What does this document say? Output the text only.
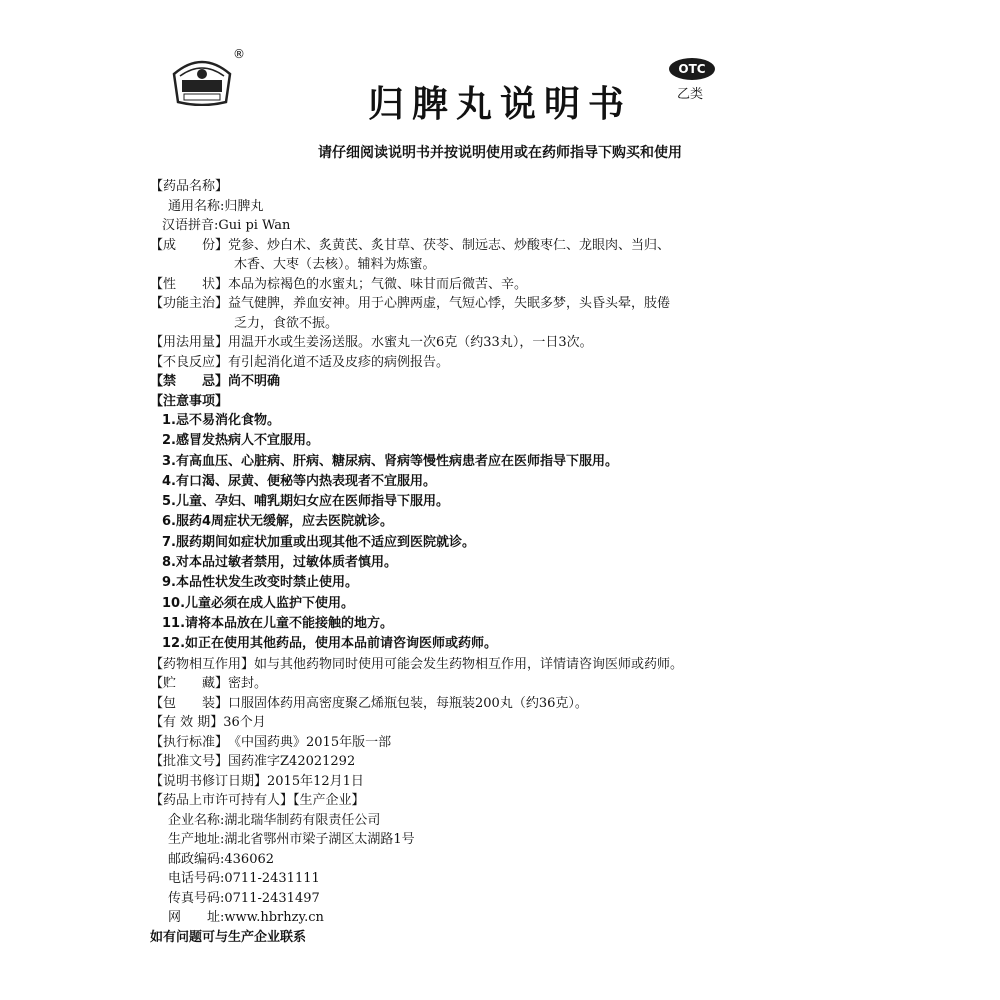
®
归脾丸说明书
OTC
乙类
请仔细阅读说明书并按说明使用或在药师指导下购买和使用
【药品名称】
通用名称: 归脾丸
汉语拼音: Gui pi Wan
【成　　份】 党参、炒白术、炙黄芪、炙甘草、茯苓、制远志、炒酸枣仁、龙眼肉、当归、
木香、大枣（去核）。辅料为炼蜜。
【性　　状】 本品为棕褐色的水蜜丸；气微、味甘而后微苦、辛。
【功能主治】 益气健脾，养血安神。用于心脾两虚，气短心悸，失眠多梦，头昏头晕，肢倦
乏力，食欲不振。
【用法用量】 用温开水或生姜汤送服。水蜜丸一次6克（约33丸），一日3次。
【不良反应】 有引起消化道不适及皮疹的病例报告。
【禁　　忌】 尚不明确
【注意事项】
1.忌不易消化食物。
2.感冒发热病人不宜服用。
3.有高血压、心脏病、肝病、糖尿病、肾病等慢性病患者应在医师指导下服用。
4.有口渴、尿黄、便秘等内热表现者不宜服用。
5.儿童、孕妇、哺乳期妇女应在医师指导下服用。
6.服药4周症状无缓解，应去医院就诊。
7.服药期间如症状加重或出现其他不适应到医院就诊。
8.对本品过敏者禁用，过敏体质者慎用。
9.本品性状发生改变时禁止使用。
10.儿童必须在成人监护下使用。
11.请将本品放在儿童不能接触的地方。
12.如正在使用其他药品，使用本品前请咨询医师或药师。
【药物相互作用】 如与其他药物同时使用可能会发生药物相互作用，详情请咨询医师或药师。
【贮　　藏】 密封。
【包　　装】 口服固体药用高密度聚乙烯瓶包装，每瓶装200丸（约36克）。
【有 效 期】 36个月
【执行标准】 《中国药典》2015年版一部
【批准文号】 国药准字Z42021292
【说明书修订日期】 2015年12月1日
【药品上市许可持有人】【生产企业】
企业名称: 湖北瑞华制药有限责任公司
生产地址: 湖北省鄂州市梁子湖区太湖路1号
邮政编码: 436062
电话号码: 0711-2431111
传真号码: 0711-2431497
网　　址: www.hbrhzy.cn
如有问题可与生产企业联系
